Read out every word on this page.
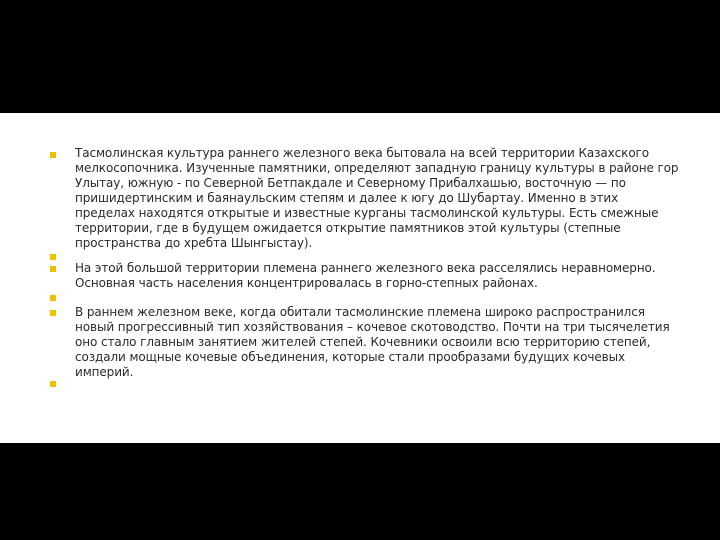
Тасмолинская культура раннего железного века бытовала на всей территории Казахского мелкосопочника. Изученные памятники, определяют западную границу культуры в районе гор Улытау, южную - по Северной Бетпакдале и Северному Прибалхашью, восточную — по пришидертинским и баянаульским степям и далее к югу до Шубартау. Именно в этих пределах находятся открытые и известные курганы тасмолинской культуры. Есть смежные территории, где в будущем ожидается открытие памятников этой культуры (степные пространства до хребта Шынгыстау).

На этой большой территории племена раннего железного века расселялись неравномерно. Основная часть населения концентрировалась в горно-степных районах.

В раннем железном веке, когда обитали тасмолинские племена широко распространился новый прогрессивный тип хозяйствования – кочевое скотоводство. Почти на три тысячелетия оно стало главным занятием жителей степей. Кочевники освоили всю территорию степей, создали мощные кочевые объединения, которые стали прообразами будущих кочевых империй.
